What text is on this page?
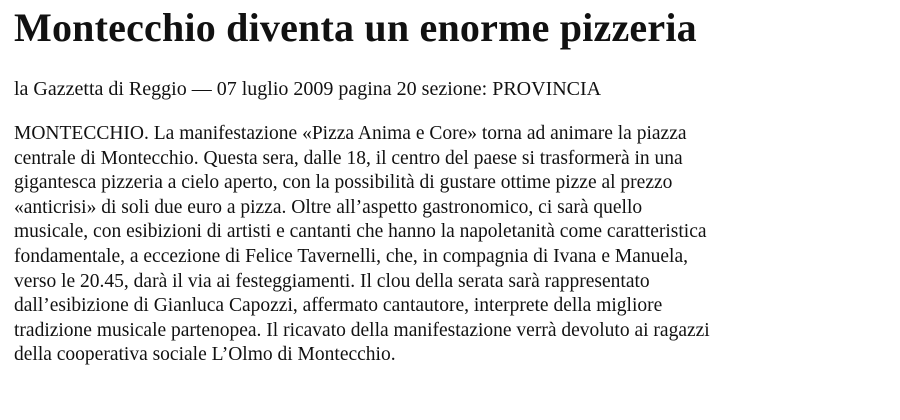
Montecchio diventa un enorme pizzeria
la Gazzetta di Reggio — 07 luglio 2009 pagina 20 sezione: PROVINCIA
MONTECCHIO. La manifestazione «Pizza Anima e Core» torna ad animare la piazza
centrale di Montecchio. Questa sera, dalle 18, il centro del paese si trasformerà in una
gigantesca pizzeria a cielo aperto, con la possibilità di gustare ottime pizze al prezzo
«anticrisi» di soli due euro a pizza. Oltre all’aspetto gastronomico, ci sarà quello
musicale, con esibizioni di artisti e cantanti che hanno la napoletanità come caratteristica
fondamentale, a eccezione di Felice Tavernelli, che, in compagnia di Ivana e Manuela,
verso le 20.45, darà il via ai festeggiamenti. Il clou della serata sarà rappresentato
dall’esibizione di Gianluca Capozzi, affermato cantautore, interprete della migliore
tradizione musicale partenopea. Il ricavato della manifestazione verrà devoluto ai ragazzi
della cooperativa sociale L’Olmo di Montecchio.
